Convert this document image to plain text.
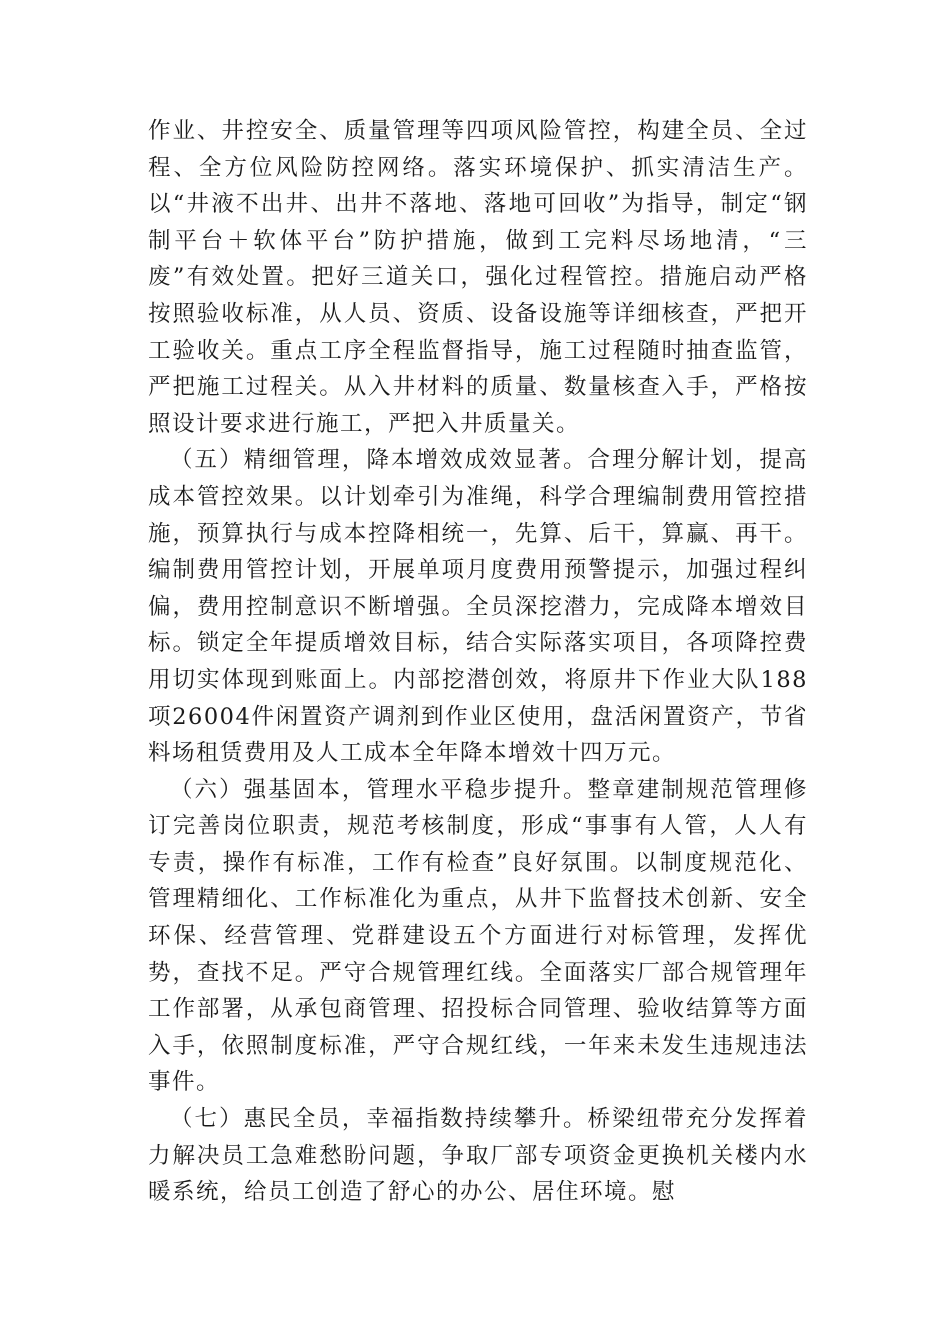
作业、井控安全、质量管理等四项风险管控，构建全员、全过程、全方位风险防控网络。落实环境保护、抓实清洁生产。以“井液不出井、出井不落地、落地可回收”为指导，制定“钢制平台＋软体平台”防护措施，做到工完料尽场地清，“三废”有效处置。把好三道关口，强化过程管控。措施启动严格按照验收标准，从人员、资质、设备设施等详细核查，严把开工验收关。重点工序全程监督指导，施工过程随时抽查监管，严把施工过程关。从入井材料的质量、数量核查入手，严格按照设计要求进行施工，严把入井质量关。

（五）精细管理，降本增效成效显著。合理分解计划，提高成本管控效果。以计划牵引为准绳，科学合理编制费用管控措施，预算执行与成本控降相统一，先算、后干，算赢、再干。编制费用管控计划，开展单项月度费用预警提示，加强过程纠偏，费用控制意识不断增强。全员深挖潜力，完成降本增效目标。锁定全年提质增效目标，结合实际落实项目，各项降控费用切实体现到账面上。内部挖潜创效，将原井下作业大队188项26004件闲置资产调剂到作业区使用，盘活闲置资产，节省料场租赁费用及人工成本全年降本增效十四万元。

（六）强基固本，管理水平稳步提升。整章建制规范管理修订完善岗位职责，规范考核制度，形成“事事有人管，人人有专责，操作有标准，工作有检查”良好氛围。以制度规范化、管理精细化、工作标准化为重点，从井下监督技术创新、安全环保、经营管理、党群建设五个方面进行对标管理，发挥优势，查找不足。严守合规管理红线。全面落实厂部合规管理年工作部署，从承包商管理、招投标合同管理、验收结算等方面入手，依照制度标准，严守合规红线，一年来未发生违规违法事件。

（七）惠民全员，幸福指数持续攀升。桥梁纽带充分发挥着力解决员工急难愁盼问题，争取厂部专项资金更换机关楼内水暖系统，给员工创造了舒心的办公、居住环境。慰
